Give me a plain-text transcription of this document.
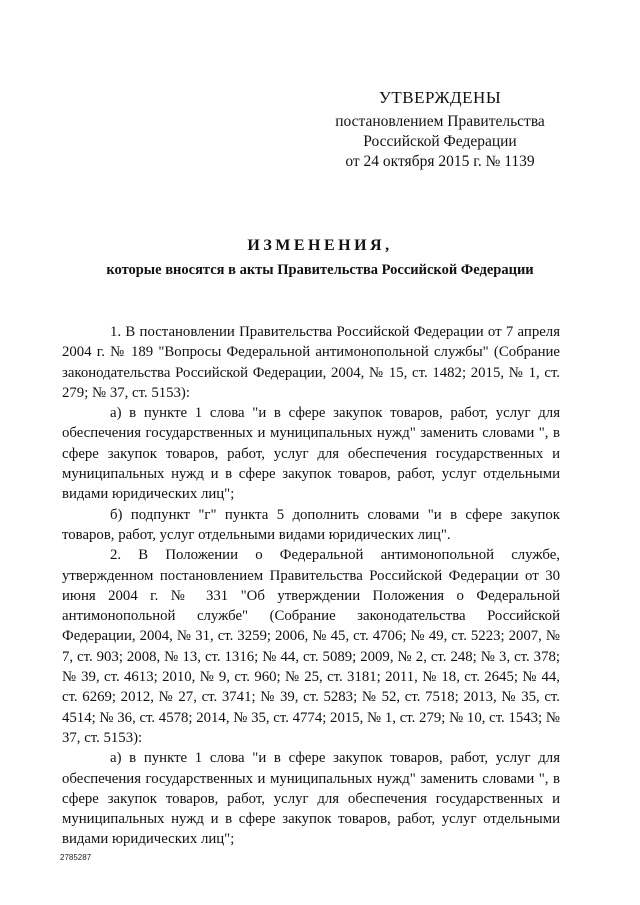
УТВЕРЖДЕНЫ
постановлением Правительства
Российской Федерации
от 24 октября 2015 г. № 1139
ИЗМЕНЕНИЯ,
которые вносятся в акты Правительства Российской Федерации

1. В постановлении Правительства Российской Федерации от 7 апреля 2004 г. № 189 "Вопросы Федеральной антимонопольной службы" (Собрание законодательства Российской Федерации, 2004, № 15, ст. 1482; 2015, № 1, ст. 279; № 37, ст. 5153):

а) в пункте 1 слова "и в сфере закупок товаров, работ, услуг для обеспечения государственных и муниципальных нужд" заменить словами ", в сфере закупок товаров, работ, услуг для обеспечения государственных и муниципальных нужд и в сфере закупок товаров, работ, услуг отдельными видами юридических лиц";

б) подпункт "г" пункта 5 дополнить словами "и в сфере закупок товаров, работ, услуг отдельными видами юридических лиц".

2. В Положении о Федеральной антимонопольной службе, утвержденном постановлением Правительства Российской Федерации от 30 июня 2004 г. № 331 "Об утверждении Положения о Федеральной антимонопольной службе" (Собрание законодательства Российской Федерации, 2004, № 31, ст. 3259; 2006, № 45, ст. 4706; № 49, ст. 5223; 2007, № 7, ст. 903; 2008, № 13, ст. 1316; № 44, ст. 5089; 2009, № 2, ст. 248; № 3, ст. 378; № 39, ст. 4613; 2010, № 9, ст. 960; № 25, ст. 3181; 2011, № 18, ст. 2645; № 44, ст. 6269; 2012, № 27, ст. 3741; № 39, ст. 5283; № 52, ст. 7518; 2013, № 35, ст. 4514; № 36, ст. 4578; 2014, № 35, ст. 4774; 2015, № 1, ст. 279; № 10, ст. 1543; № 37, ст. 5153):

а) в пункте 1 слова "и в сфере закупок товаров, работ, услуг для обеспечения государственных и муниципальных нужд" заменить словами ", в сфере закупок товаров, работ, услуг для обеспечения государственных и муниципальных нужд и в сфере закупок товаров, работ, услуг отдельными видами юридических лиц";

2785287
